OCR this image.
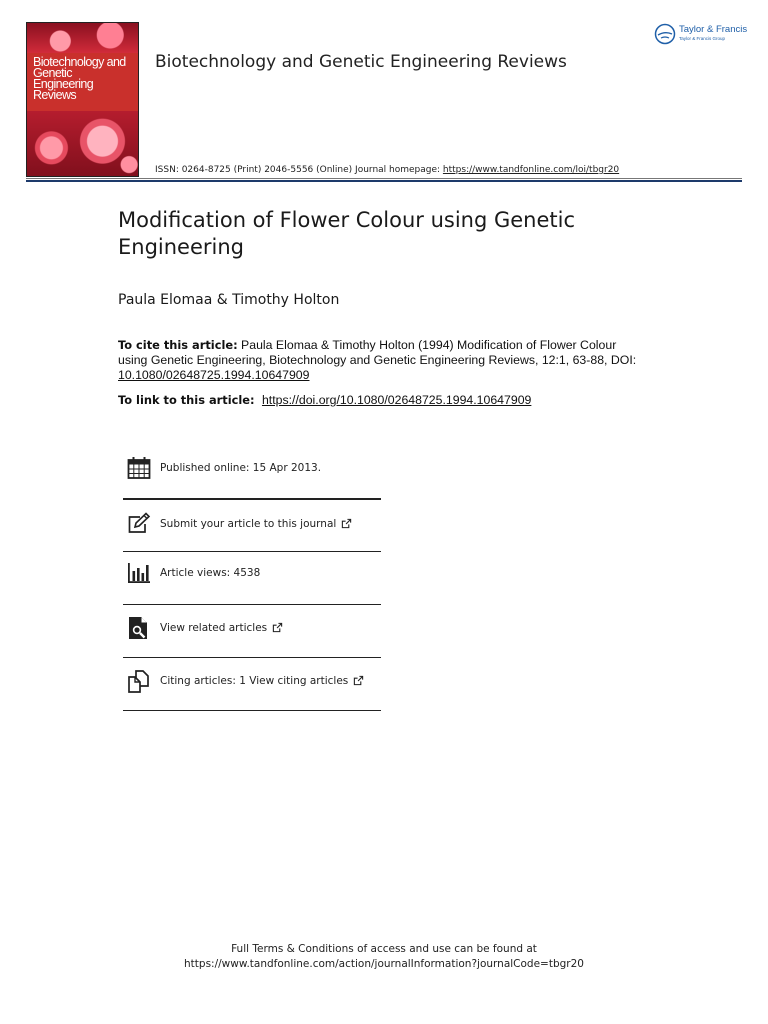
Biotechnology and Genetic Engineering Reviews
Biotechnology and Genetic Engineering Reviews
Taylor & Francis
Taylor & Francis Group
ISSN: 0264-8725 (Print) 2046-5556 (Online) Journal homepage: https://www.tandfonline.com/loi/tbgr20
Modification of Flower Colour using Genetic Engineering
Paula Elomaa & Timothy Holton
To cite this article: Paula Elomaa & Timothy Holton (1994) Modification of Flower Colour using Genetic Engineering, Biotechnology and Genetic Engineering Reviews, 12:1, 63-88, DOI: 10.1080/02648725.1994.10647909
To link to this article: https://doi.org/10.1080/02648725.1994.10647909
Published online: 15 Apr 2013.
Submit your article to this journal
Article views: 4538
View related articles
Citing articles: 1 View citing articles
Full Terms & Conditions of access and use can be found at
https://www.tandfonline.com/action/journalInformation?journalCode=tbgr20
